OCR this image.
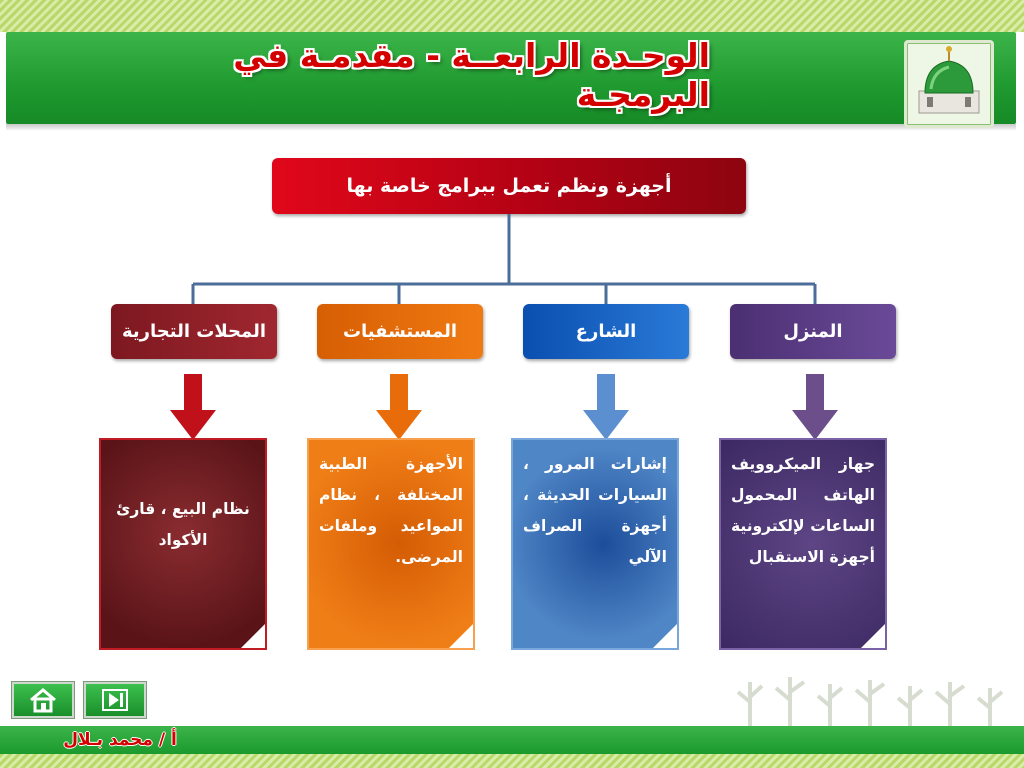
الوحـدة الرابعــة - مقدمـة في البرمجـة
أجهزة ونظم تعمل ببرامج خاصة بها
المنزل
الشارع
المستشفيات
المحلات التجارية
جهاز الميكروويف الهاتف المحمول الساعات لإلكترونية أجهزة الاستقبال
إشارات المرور ، السيارات الحديثة ، أجهزة الصراف الآلي
الأجهزة الطبية المختلفة ، نظام المواعيد وملفات المرضى.
نظام البيع ، قارئ الأكواد
أ / محمد بـلال
